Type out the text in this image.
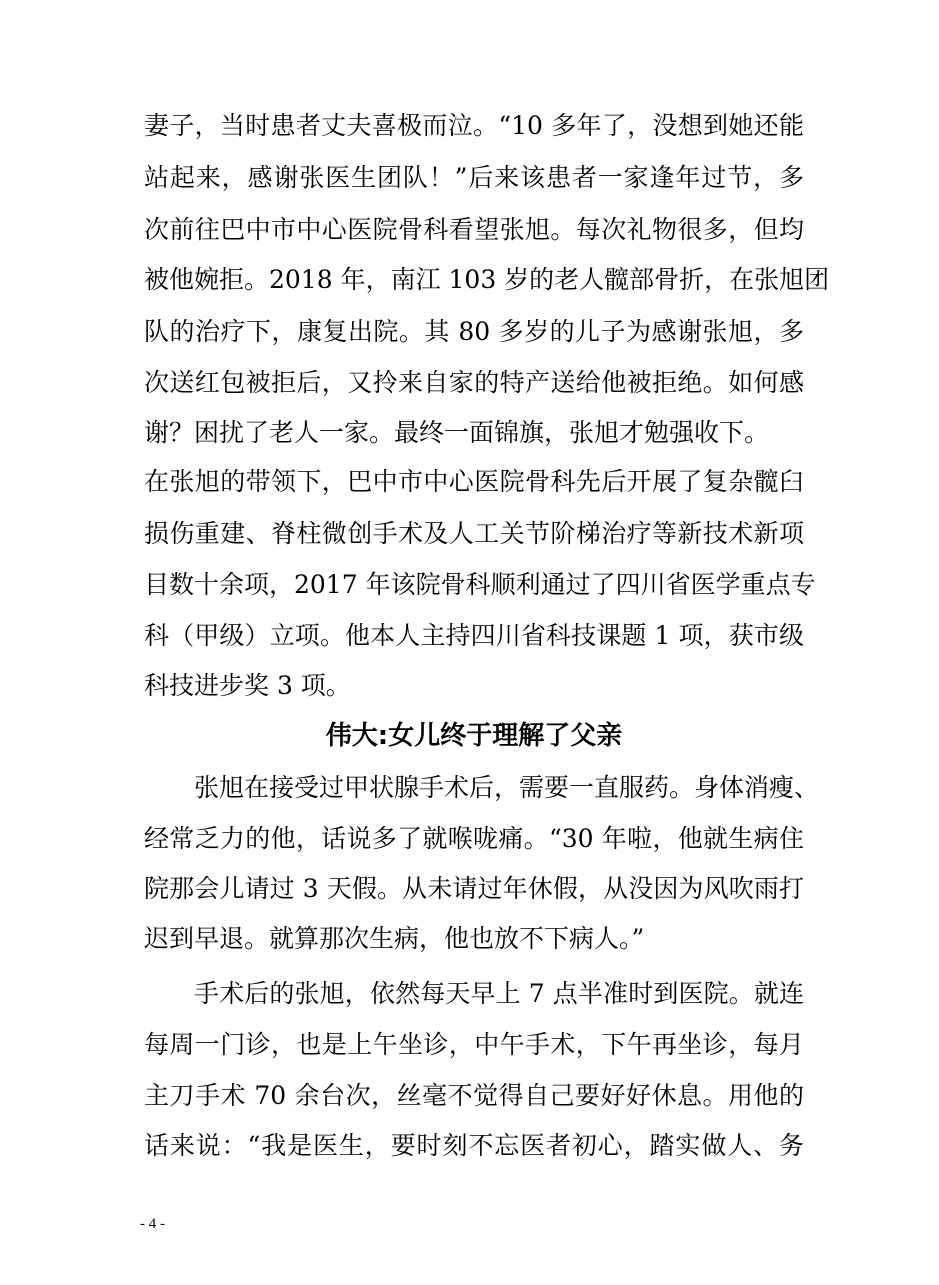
妻子，当时患者丈夫喜极而泣。“10 多年了，没想到她还能
站起来，感谢张医生团队！”后来该患者一家逢年过节，多
次前往巴中市中心医院骨科看望张旭。每次礼物很多，但均
被他婉拒。2018 年，南江 103 岁的老人髋部骨折，在张旭团
队的治疗下，康复出院。其 80 多岁的儿子为感谢张旭，多
次送红包被拒后，又拎来自家的特产送给他被拒绝。如何感
谢？困扰了老人一家。最终一面锦旗，张旭才勉强收下。
在张旭的带领下，巴中市中心医院骨科先后开展了复杂髋臼
损伤重建、脊柱微创手术及人工关节阶梯治疗等新技术新项
目数十余项，2017 年该院骨科顺利通过了四川省医学重点专
科（甲级）立项。他本人主持四川省科技课题 1 项，获市级
科技进步奖 3 项。
伟大:女儿终于理解了父亲
张旭在接受过甲状腺手术后，需要一直服药。身体消瘦、
经常乏力的他，话说多了就喉咙痛。“30 年啦，他就生病住
院那会儿请过 3 天假。从未请过年休假，从没因为风吹雨打
迟到早退。就算那次生病，他也放不下病人。”
手术后的张旭，依然每天早上 7 点半准时到医院。就连
每周一门诊，也是上午坐诊，中午手术，下午再坐诊，每月
主刀手术 70 余台次，丝毫不觉得自己要好好休息。用他的
话来说：“我是医生，要时刻不忘医者初心，踏实做人、务
- 4 -
